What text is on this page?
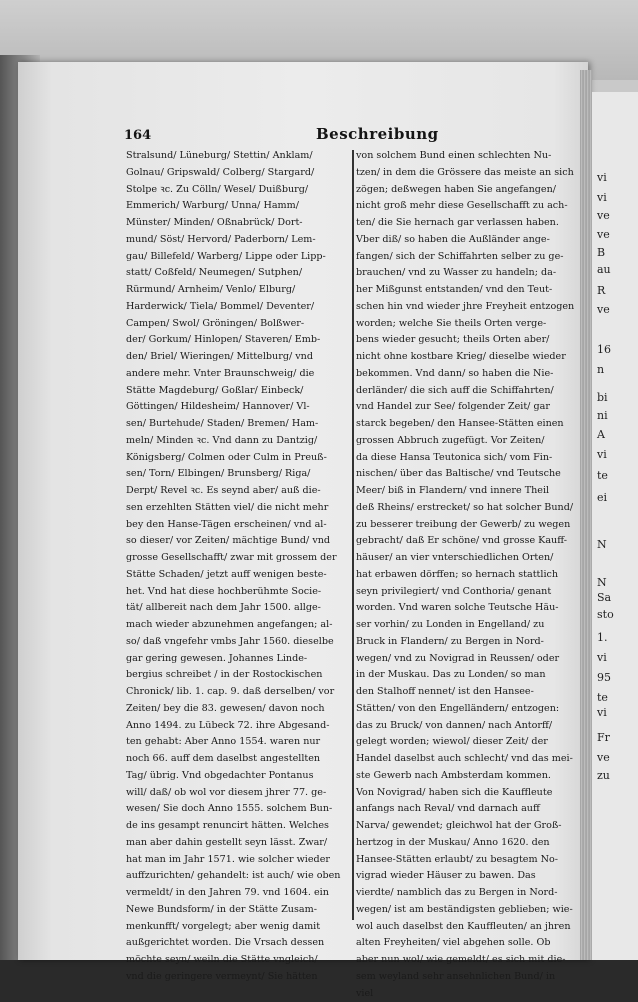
vi
vi
ve
ve
B
au
R
ve
16
n
bi
ni
A
vi
te
ei
N
N
Sa
sto
1.
vi
95
te
vi
Fr
ve
zu
164	Beschreibung
Stralsund/ Lüneburg/ Stettin/ Anklam/
Golnau/ Gripswald/ Colberg/ Stargard/
Stolpe ꝛc. Zu Cölln/ Wesel/ Duißburg/
Emmerich/ Warburg/ Unna/ Hamm/
Münster/ Minden/ Oßnabrück/ Dort-
mund/ Söst/ Hervord/ Paderborn/ Lem-
gau/ Billefeld/ Warberg/ Lippe oder Lipp-
statt/ Coßfeld/ Neumegen/ Sutphen/
Rürmund/ Arnheim/ Venlo/ Elburg/
Harderwick/ Tiela/ Bommel/ Deventer/
Campen/ Swol/ Gröningen/ Bolßwer-
der/ Gorkum/ Hinlopen/ Staveren/ Emb-
den/ Briel/ Wieringen/ Mittelburg/ vnd
andere mehr. Vnter Braunschweig/ die
Stätte Magdeburg/ Goßlar/ Einbeck/
Göttingen/ Hildesheim/ Hannover/ Vl-
sen/ Burtehude/ Staden/ Bremen/ Ham-
meln/ Minden ꝛc. Vnd dann zu Dantzig/
Königsberg/ Colmen oder Culm in Preuß-
sen/ Torn/ Elbingen/ Brunsberg/ Riga/
Derpt/ Revel ꝛc. Es seynd aber/ auß die-
sen erzehlten Stätten viel/ die nicht mehr
bey den Hanse-Tägen erscheinen/ vnd al-
so dieser/ vor Zeiten/ mächtige Bund/ vnd
grosse Gesellschafft/ zwar mit grossem der
Stätte Schaden/ jetzt auff wenigen beste-
het. Vnd hat diese hochberühmte Socie-
tät/ allbereit nach dem Jahr 1500. allge-
mach wieder abzunehmen angefangen; al-
so/ daß vngefehr vmbs Jahr 1560. dieselbe
gar gering gewesen. Johannes Linde-
bergius schreibet / in der Rostockischen
Chronick/ lib. 1. cap. 9. daß derselben/ vor
Zeiten/ bey die 83. gewesen/ davon noch
Anno 1494. zu Lübeck 72. ihre Abgesand-
ten gehabt: Aber Anno 1554. waren nur
noch 66. auff dem daselbst angestellten
Tag/ übrig. Vnd obgedachter Pontanus
will/ daß/ ob wol vor diesem jhrer 77. ge-
wesen/ Sie doch Anno 1555. solchem Bun-
de ins gesampt renuncirt hätten. Welches
man aber dahin gestellt seyn lässt. Zwar/
hat man im Jahr 1571. wie solcher wieder
auffzurichten/ gehandelt: ist auch/ wie oben
vermeldt/ in den Jahren 79. vnd 1604. ein
Newe Bundsform/ in der Stätte Zusam-
menkunfft/ vorgelegt; aber wenig damit
außgerichtet worden. Die Vrsach dessen
möchte seyn/ weiln die Stätte vngleich/
vnd die geringere vermeynt/ Sie hätten
von solchem Bund einen schlechten Nu-
tzen/ in dem die Grössere das meiste an sich
zögen; deßwegen haben Sie angefangen/
nicht groß mehr diese Gesellschafft zu ach-
ten/ die Sie hernach gar verlassen haben.
Vber diß/ so haben die Außländer ange-
fangen/ sich der Schiffahrten selber zu ge-
brauchen/ vnd zu Wasser zu handeln; da-
her Mißgunst entstanden/ vnd den Teut-
schen hin vnd wieder jhre Freyheit entzogen
worden; welche Sie theils Orten verge-
bens wieder gesucht; theils Orten aber/
nicht ohne kostbare Krieg/ dieselbe wieder
bekommen. Vnd dann/ so haben die Nie-
derländer/ die sich auff die Schiffahrten/
vnd Handel zur See/ folgender Zeit/ gar
starck begeben/ den Hansee-Stätten einen
grossen Abbruch zugefügt. Vor Zeiten/
da diese Hansa Teutonica sich/ vom Fin-
nischen/ über das Baltische/ vnd Teutsche
Meer/ biß in Flandern/ vnd innere Theil
deß Rheins/ erstrecket/ so hat solcher Bund/
zu besserer treibung der Gewerb/ zu wegen
gebracht/ daß Er schöne/ vnd grosse Kauff-
häuser/ an vier vnterschiedlichen Orten/
hat erbawen dörffen; so hernach stattlich
seyn privilegiert/ vnd Conthoria/ genant
worden. Vnd waren solche Teutsche Häu-
ser vorhin/ zu Londen in Engelland/ zu
Bruck in Flandern/ zu Bergen in Nord-
wegen/ vnd zu Novigrad in Reussen/ oder
in der Muskau. Das zu Londen/ so man
den Stalhoff nennet/ ist den Hansee-
Stätten/ von den Engelländern/ entzogen:
das zu Bruck/ von dannen/ nach Antorff/
gelegt worden; wiewol/ dieser Zeit/ der
Handel daselbst auch schlecht/ vnd das mei-
ste Gewerb nach Ambsterdam kommen.
Von Novigrad/ haben sich die Kauffleute
anfangs nach Reval/ vnd darnach auff
Narva/ gewendet; gleichwol hat der Groß-
hertzog in der Muskau/ Anno 1620. den
Hansee-Stätten erlaubt/ zu besagtem No-
vigrad wieder Häuser zu bawen. Das
vierdte/ namblich das zu Bergen in Nord-
wegen/ ist am beständigsten geblieben; wie-
wol auch daselbst den Kauffleuten/ an jhren
alten Freyheiten/ viel abgehen solle. Ob
aber nun wol/ wie gemeldt/ es sich mit die-
sem weyland sehr ansehnlichen Bund/ in
viel
